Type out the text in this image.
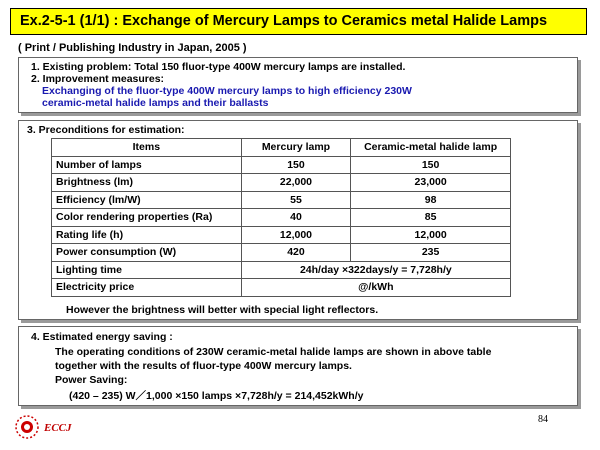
Ex.2-5-1 (1/1) : Exchange of Mercury Lamps to Ceramics metal Halide Lamps
( Print / Publishing Industry in Japan, 2005 )
1. Existing problem: Total 150 fluor-type 400W mercury lamps are installed.
2. Improvement measures:
Exchanging of the fluor-type 400W mercury lamps to high efficiency 230W
ceramic-metal halide lamps and their ballasts
3. Preconditions for estimation:
Items	Mercury lamp	Ceramic-metal halide lamp
Number of lamps	150	150
Brightness (lm)	22,000	23,000
Efficiency (lm/W)	55	98
Color rendering properties (Ra)	40	85
Rating life (h)	12,000	12,000
Power consumption (W)	420	235
Lighting time	24h/day ×322days/y = 7,728h/y	
Electricity price	@/kWh	
However the brightness will better with special light reflectors.
4. Estimated energy saving :
The operating conditions of 230W ceramic-metal halide lamps are shown in above table
together with the results of fluor-type 400W mercury lamps.
Power Saving:
(420 – 235) W／1,000 ×150 lamps ×7,728h/y = 214,452kWh/y
ECCJ
84
